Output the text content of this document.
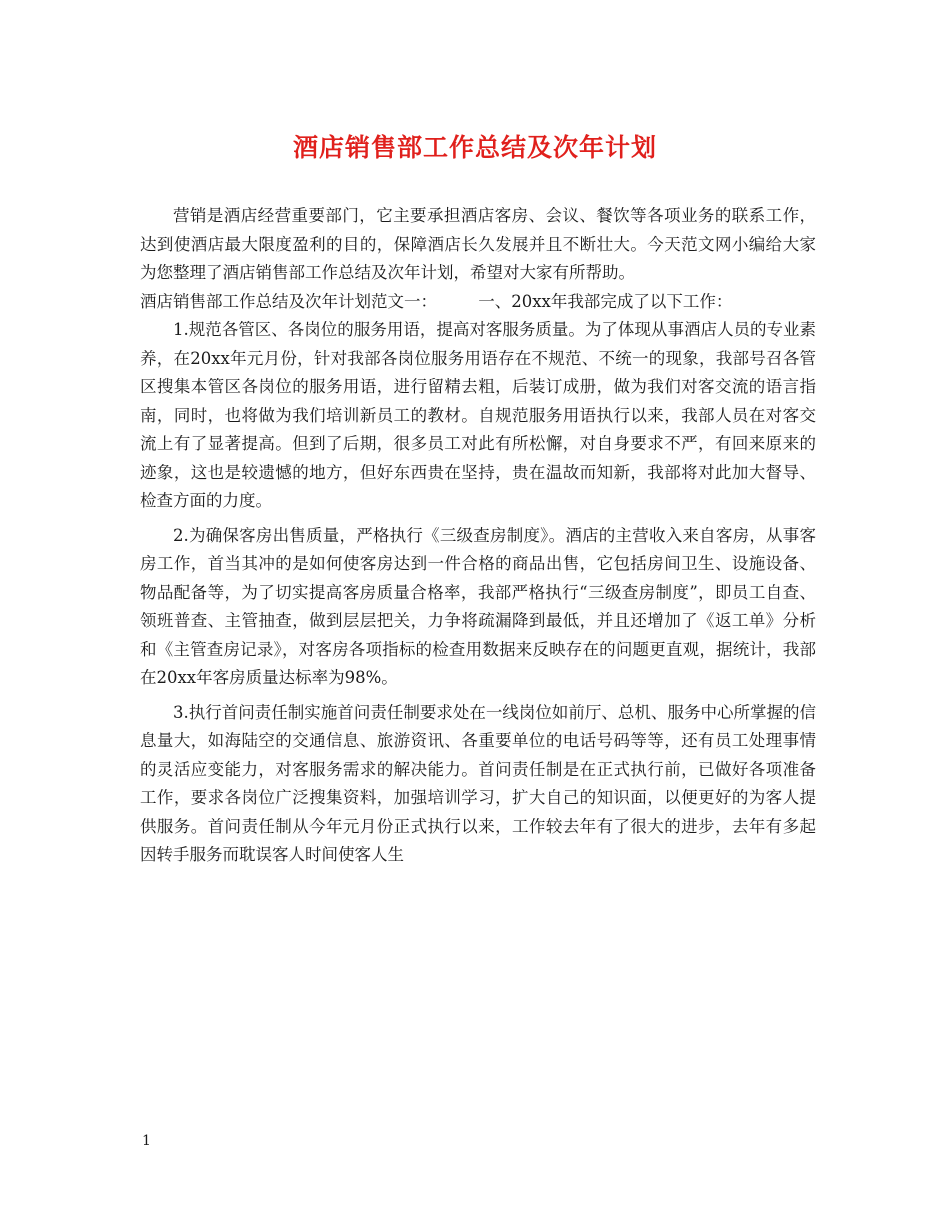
酒店销售部工作总结及次年计划

营销是酒店经营重要部门，它主要承担酒店客房、会议、餐饮等各项业务的联系工作，达到使酒店最大限度盈利的目的，保障酒店长久发展并且不断壮大。今天范文网小编给大家为您整理了酒店销售部工作总结及次年计划，希望对大家有所帮助。

酒店销售部工作总结及次年计划范文一：　　　一、20xx年我部完成了以下工作：

1.规范各管区、各岗位的服务用语，提高对客服务质量。为了体现从事酒店人员的专业素养，在20xx年元月份，针对我部各岗位服务用语存在不规范、不统一的现象，我部号召各管区搜集本管区各岗位的服务用语，进行留精去粗，后装订成册，做为我们对客交流的语言指南，同时，也将做为我们培训新员工的教材。自规范服务用语执行以来，我部人员在对客交流上有了显著提高。但到了后期，很多员工对此有所松懈，对自身要求不严，有回来原来的迹象，这也是较遗憾的地方，但好东西贵在坚持，贵在温故而知新，我部将对此加大督导、检查方面的力度。

2.为确保客房出售质量，严格执行《三级查房制度》。酒店的主营收入来自客房，从事客房工作，首当其冲的是如何使客房达到一件合格的商品出售，它包括房间卫生、设施设备、物品配备等，为了切实提高客房质量合格率，我部严格执行“三级查房制度”，即员工自查、领班普查、主管抽查，做到层层把关，力争将疏漏降到最低，并且还增加了《返工单》分析和《主管查房记录》，对客房各项指标的检查用数据来反映存在的问题更直观，据统计，我部在20xx年客房质量达标率为98%。

3.执行首问责任制实施首问责任制要求处在一线岗位如前厅、总机、服务中心所掌握的信息量大，如海陆空的交通信息、旅游资讯、各重要单位的电话号码等等，还有员工处理事情的灵活应变能力，对客服务需求的解决能力。首问责任制是在正式执行前，已做好各项准备工作，要求各岗位广泛搜集资料，加强培训学习，扩大自己的知识面，以便更好的为客人提供服务。首问责任制从今年元月份正式执行以来，工作较去年有了很大的进步，去年有多起因转手服务而耽误客人时间使客人生

1
